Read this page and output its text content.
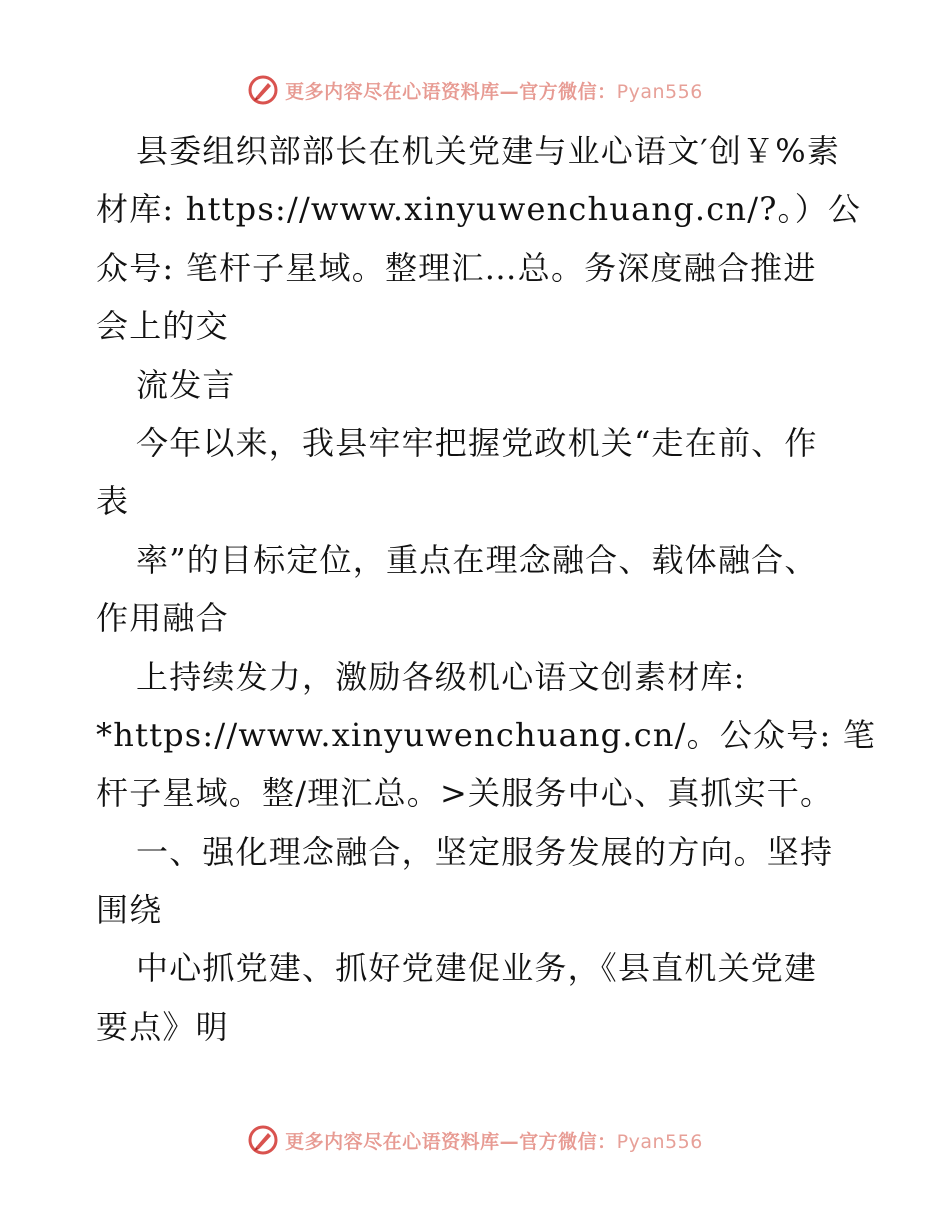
更多内容尽在心语资料库—官方微信：Pyan556
县委组织部部长在机关党建与业心语文′创￥%素
材库: https://www.xinyuwenchuang.cn/?。）公
众号: 笔杆子星域。整理汇…总。务深度融合推进
会上的交
流发言
今年以来，我县牢牢把握党政机关“走在前、作
表
率”的目标定位，重点在理念融合、载体融合、
作用融合
上持续发力，激励各级机心语文创素材库:
*https://www.xinyuwenchuang.cn/。公众号: 笔
杆子星域。整/理汇总。>关服务中心、真抓实干。
一、强化理念融合，坚定服务发展的方向。坚持
围绕
中心抓党建、抓好党建促业务，《县直机关党建
要点》明
更多内容尽在心语资料库—官方微信：Pyan556
